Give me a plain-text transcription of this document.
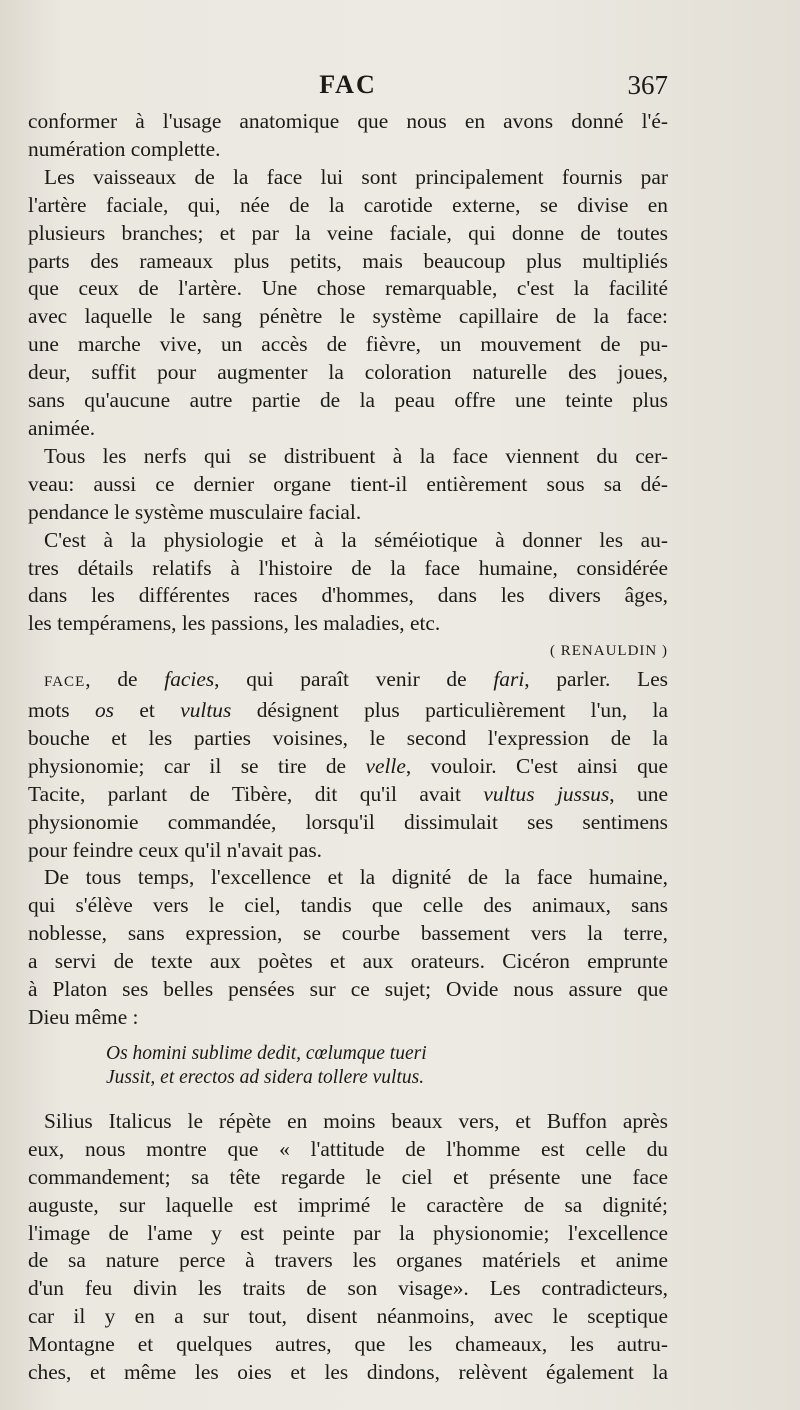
FAC	367
conformer à l'usage anatomique que nous en avons donné l'é-
numération complette.
Les vaisseaux de la face lui sont principalement fournis par
l'artère faciale, qui, née de la carotide externe, se divise en
plusieurs branches; et par la veine faciale, qui donne de toutes
parts des rameaux plus petits, mais beaucoup plus multipliés
que ceux de l'artère. Une chose remarquable, c'est la facilité
avec laquelle le sang pénètre le système capillaire de la face:
une marche vive, un accès de fièvre, un mouvement de pu-
deur, suffit pour augmenter la coloration naturelle des joues,
sans qu'aucune autre partie de la peau offre une teinte plus
animée.
Tous les nerfs qui se distribuent à la face viennent du cer-
veau: aussi ce dernier organe tient-il entièrement sous sa dé-
pendance le système musculaire facial.
C'est à la physiologie et à la séméiotique à donner les au-
tres détails relatifs à l'histoire de la face humaine, considérée
dans les différentes races d'hommes, dans les divers âges,
les tempéramens, les passions, les maladies, etc.
( RENAULDIN )
FACE, de facies, qui paraît venir de fari, parler. Les
mots os et vultus désignent plus particulièrement l'un, la
bouche et les parties voisines, le second l'expression de la
physionomie; car il se tire de velle, vouloir. C'est ainsi que
Tacite, parlant de Tibère, dit qu'il avait vultus jussus, une
physionomie commandée, lorsqu'il dissimulait ses sentimens
pour feindre ceux qu'il n'avait pas.
De tous temps, l'excellence et la dignité de la face humaine,
qui s'élève vers le ciel, tandis que celle des animaux, sans
noblesse, sans expression, se courbe bassement vers la terre,
a servi de texte aux poètes et aux orateurs. Cicéron emprunte
à Platon ses belles pensées sur ce sujet; Ovide nous assure que
Dieu même :
Os homini sublime dedit, cœlumque tueri
Jussit, et erectos ad sidera tollere vultus.
Silius Italicus le répète en moins beaux vers, et Buffon après
eux, nous montre que « l'attitude de l'homme est celle du
commandement; sa tête regarde le ciel et présente une face
auguste, sur laquelle est imprimé le caractère de sa dignité;
l'image de l'ame y est peinte par la physionomie; l'excellence
de sa nature perce à travers les organes matériels et anime
d'un feu divin les traits de son visage». Les contradicteurs,
car il y en a sur tout, disent néanmoins, avec le sceptique
Montagne et quelques autres, que les chameaux, les autru-
ches, et même les oies et les dindons, relèvent également la
